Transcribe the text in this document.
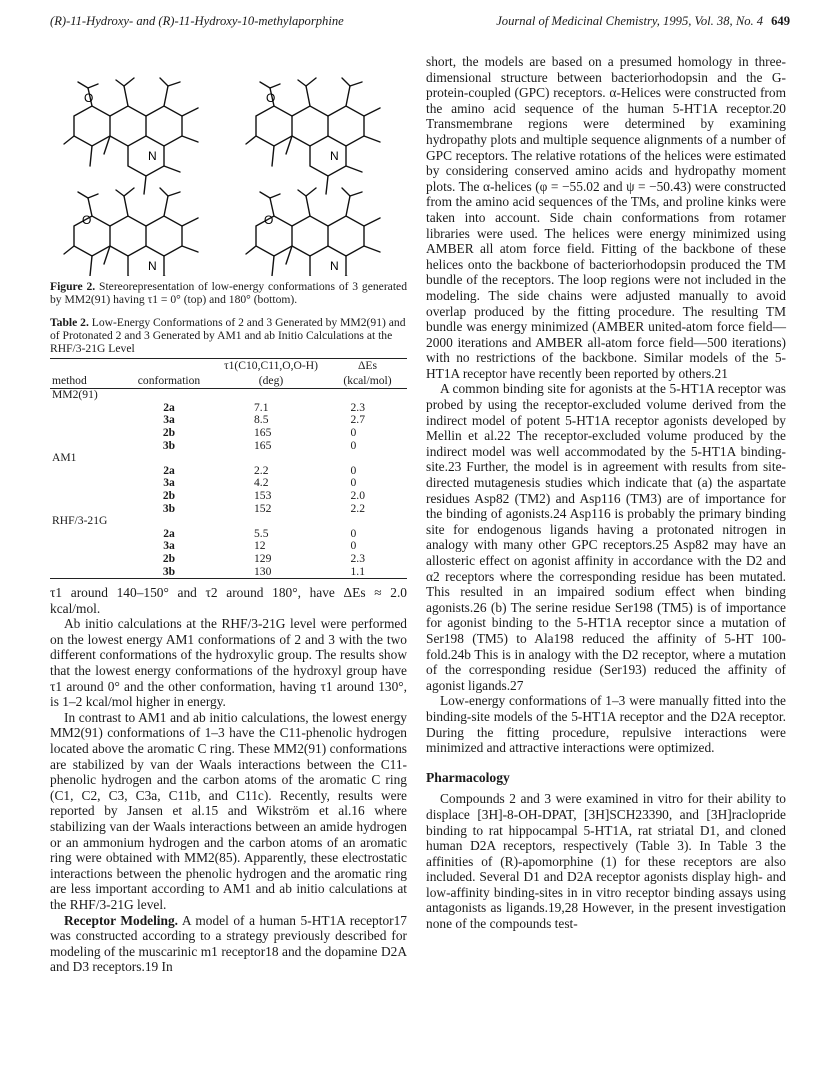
(R)-11-Hydroxy- and (R)-11-Hydroxy-10-methylaporphine	Journal of Medicinal Chemistry, 1995, Vol. 38, No. 4 649
O
N
O
N
O
N
O
N
Figure 2. Stereorepresentation of low-energy conformations of 3 generated by MM2(91) having τ1 = 0° (top) and 180° (bottom).
Table 2. Low-Energy Conformations of 2 and 3 Generated by MM2(91) and of Protonated 2 and 3 Generated by AM1 and ab Initio Calculations at the RHF/3-21G Level
		τ1(C10,C11,O,O-H)	ΔEs
method	conformation	(deg)	(kcal/mol)
MM2(91)			
	2a	7.1	2.3
	3a	8.5	2.7
	2b	165	0
	3b	165	0
AM1			
	2a	2.2	0
	3a	4.2	0
	2b	153	2.0
	3b	152	2.2
RHF/3-21G			
	2a	5.5	0
	3a	12	0
	2b	129	2.3
	3b	130	1.1

τ1 around 140–150° and τ2 around 180°, have ΔEs ≈ 2.0 kcal/mol.

Ab initio calculations at the RHF/3-21G level were performed on the lowest energy AM1 conformations of 2 and 3 with the two different conformations of the hydroxylic group. The results show that the lowest energy conformations of the hydroxyl group have τ1 around 0° and the other conformation, having τ1 around 130°, is 1–2 kcal/mol higher in energy.

In contrast to AM1 and ab initio calculations, the lowest energy MM2(91) conformations of 1–3 have the C11-phenolic hydrogen located above the aromatic C ring. These MM2(91) conformations are stabilized by van der Waals interactions between the C11-phenolic hydrogen and the carbon atoms of the aromatic C ring (C1, C2, C3, C3a, C11b, and C11c). Recently, results were reported by Jansen et al.15 and Wikström et al.16 where stabilizing van der Waals interactions between an amide hydrogen or an ammonium hydrogen and the carbon atoms of an aromatic ring were obtained with MM2(85). Apparently, these electrostatic interactions between the phenolic hydrogen and the aromatic ring are less important according to AM1 and ab initio calculations at the RHF/3-21G level.

Receptor Modeling. A model of a human 5-HT1A receptor17 was constructed according to a strategy previously described for modeling of the muscarinic m1 receptor18 and the dopamine D2A and D3 receptors.19 In

short, the models are based on a presumed homology in three-dimensional structure between bacteriorhodopsin and the G-protein-coupled (GPC) receptors. α-Helices were constructed from the amino acid sequence of the human 5-HT1A receptor.20 Transmembrane regions were determined by examining hydropathy plots and multiple sequence alignments of a number of GPC receptors. The relative rotations of the helices were estimated by considering conserved amino acids and hydropathy moment plots. The α-helices (φ = −55.02 and ψ = −50.43) were constructed from the amino acid sequences of the TMs, and proline kinks were taken into account. Side chain conformations from rotamer libraries were used. The helices were energy minimized using AMBER all atom force field. Fitting of the backbone of these helices onto the backbone of bacteriorhodopsin produced the TM bundle of the receptors. The loop regions were not included in the modeling. The side chains were adjusted manually to avoid overlap produced by the fitting procedure. The resulting TM bundle was energy minimized (AMBER united-atom force field—2000 iterations and AMBER all-atom force field—500 iterations) with no restrictions of the backbone. Similar models of the 5-HT1A receptor have recently been reported by others.21

A common binding site for agonists at the 5-HT1A receptor was probed by using the receptor-excluded volume derived from the indirect model of potent 5-HT1A receptor agonists developed by Mellin et al.22 The receptor-excluded volume produced by the indirect model was well accommodated by the 5-HT1A binding-site.23 Further, the model is in agreement with results from site-directed mutagenesis studies which indicate that (a) the aspartate residues Asp82 (TM2) and Asp116 (TM3) are of importance for the binding of agonists.24 Asp116 is probably the primary binding site for endogenous ligands having a protonated nitrogen in analogy with many other GPC receptors.25 Asp82 may have an allosteric effect on agonist affinity in accordance with the D2 and α2 receptors where the corresponding residue has been mutated. This resulted in an impaired sodium effect when binding agonists.26 (b) The serine residue Ser198 (TM5) is of importance for agonist binding to the 5-HT1A receptor since a mutation of Ser198 (TM5) to Ala198 reduced the affinity of 5-HT 100-fold.24b This is in analogy with the D2 receptor, where a mutation of the corresponding residue (Ser193) reduced the affinity of agonist ligands.27

Low-energy conformations of 1–3 were manually fitted into the binding-site models of the 5-HT1A receptor and the D2A receptor. During the fitting procedure, repulsive interactions were minimized and attractive interactions were optimized.

Pharmacology

Compounds 2 and 3 were examined in vitro for their ability to displace [3H]-8-OH-DPAT, [3H]SCH23390, and [3H]raclopride binding to rat hippocampal 5-HT1A, rat striatal D1, and cloned human D2A receptors, respectively (Table 3). In Table 3 the affinities of (R)-apomorphine (1) for these receptors are also included. Several D1 and D2A receptor agonists display high- and low-affinity binding-sites in in vitro receptor binding assays using antagonists as ligands.19,28 However, in the present investigation none of the compounds test-
